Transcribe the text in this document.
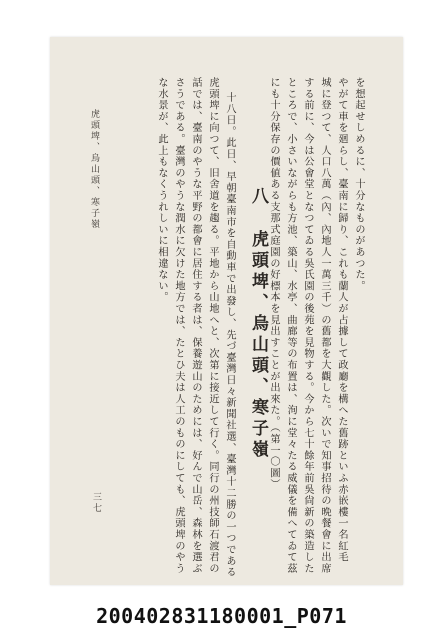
を想起せしめるに、十分なものがあつた。
やがて車を廻らし、臺南に歸り、これも蘭人が占據して政廳を構へた舊跡といふ赤嵌樓一名紅毛
城に登つて、人口八萬（內、內地人一萬三千）の舊都を大觀した。次いで知事招待の晩餐會に出席
する前に、今は公會堂となつてゐる吳氏園の後苑を見物する。今から七十餘年前吳尙新の築造した
ところで、小さいながらも方池、築山、水亭、曲廊等の布置は、洵に堂々たる威儀を備へてゐて茲
にも十分保存の價値ある支那式庭園の好標本を見出すことが出來た。（第一〇圖）
八 虎頭埤、烏山頭、寒子嶺
十八日。此日、早朝臺南市を自動車で出發し、先づ臺灣日々新聞社選、臺灣十二勝の一つである
虎頭埤に向つて、旧舍道を趨る。平地から山地へと、次第に接近して行く。同行の州技師石渡君の
話では、臺南のやうな平野の都會に居住する者は、保養遊山のためには、好んで山岳、森林を選ぶ
さうである。臺灣のやうな潤水に欠けた地方では、たとひ夫は人工のものにしても、虎頭埤のやう
な水景が、此上もなくうれしいに相違ない。
虎頭埤、烏山頭、寒子嶺
三七
200402831180001_P071
